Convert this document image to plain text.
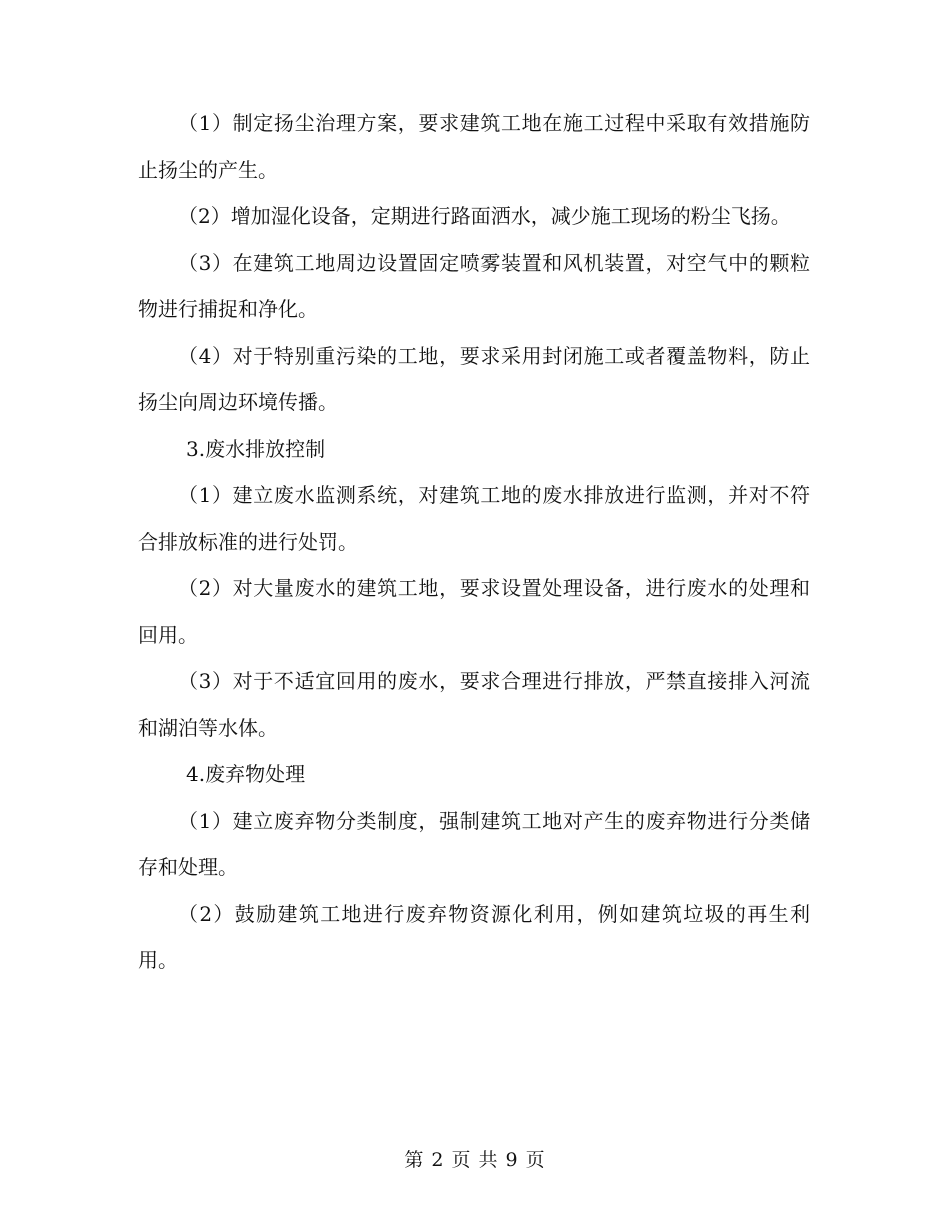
（1）制定扬尘治理方案，要求建筑工地在施工过程中采取有效措施防止扬尘的产生。

（2）增加湿化设备，定期进行路面洒水，减少施工现场的粉尘飞扬。

（3）在建筑工地周边设置固定喷雾装置和风机装置，对空气中的颗粒物进行捕捉和净化。

（4）对于特别重污染的工地，要求采用封闭施工或者覆盖物料，防止扬尘向周边环境传播。

3.废水排放控制

（1）建立废水监测系统，对建筑工地的废水排放进行监测，并对不符合排放标准的进行处罚。

（2）对大量废水的建筑工地，要求设置处理设备，进行废水的处理和回用。

（3）对于不适宜回用的废水，要求合理进行排放，严禁直接排入河流和湖泊等水体。

4.废弃物处理

（1）建立废弃物分类制度，强制建筑工地对产生的废弃物进行分类储存和处理。

（2）鼓励建筑工地进行废弃物资源化利用，例如建筑垃圾的再生利用。

第 2 页 共 9 页
